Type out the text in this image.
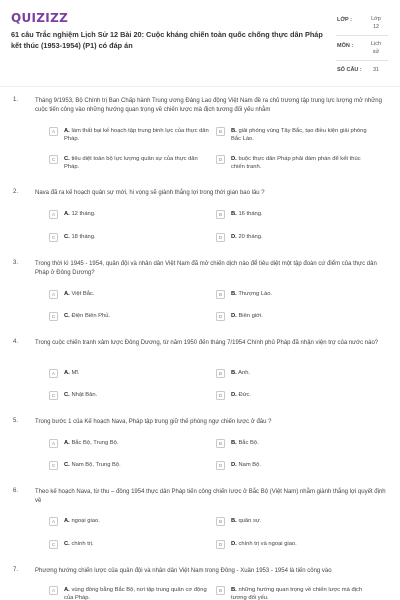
QUIZIZZ
61 câu Trắc nghiệm Lịch Sử 12 Bài 20: Cuộc kháng chiến toàn quốc chống thực dân Pháp kết thúc (1953-1954) (P1) có đáp án
LỚP :	Lớp
12
MÔN :	Lịch
sử
SỐ CÂU :	31
1.	Tháng 9/1953, Bộ Chính trị Ban Chấp hành Trung ương Đảng Lao động Việt Nam đề ra chủ trương tập trung lực lượng mở những cuộc tiến công vào những hướng quan trọng về chiến lược mà địch tương đối yếu nhằm
A	A. làm thất bại kế hoạch tập trung binh lực của thực dân Pháp.
B	B. giải phóng vùng Tây Bắc, tạo điều kiện giải phóng Bắc Lào.
C	C. tiêu diệt toàn bộ lực lượng quân sự của thực dân Pháp.
D	D. buộc thực dân Pháp phải đàm phán để kết thúc chiến tranh.
2.	Nava đã ra kế hoạch quân sự mới, hi vọng sẽ giành thắng lợi trong thời gian bao lâu ?
A	A. 12 tháng.	B	B. 16 tháng.
C	C. 18 tháng.	D	D. 20 tháng.
3.	Trong thời kì 1945 - 1954, quân đội và nhân dân Việt Nam đã mở chiến dịch nào để tiêu diệt một tập đoàn cứ điểm của thực dân Pháp ở Đông Dương?
A	A. Việt Bắc.	B	B. Thượng Lào.
C	C. Điện Biên Phủ.	D	D. Biên giới.
4.	Trong cuộc chiến tranh xâm lược Đông Dương, từ năm 1950 đến tháng 7/1954 Chính phủ Pháp đã nhận viện trợ của nước nào?
A	A. Mĩ.	B	B. Anh.
C	C. Nhật Bản.	D	D. Đức.
5.	Trong bước 1 của Kế hoạch Nava, Pháp tập trung giữ thế phòng ngự chiến lược ở đâu ?
A	A. Bắc Bộ, Trung Bộ.	B	B. Bắc Bộ.
C	C. Nam Bộ, Trung Bộ.	D	D. Nam Bộ.
6.	Theo kế hoạch Nava, từ thu – đông 1954 thực dân Pháp tiến công chiến lược ở Bắc Bộ (Việt Nam) nhằm giành thắng lợi quyết định về
A	A. ngoại giao.	B	B. quân sự.
C	C. chính trị.	D	D. chính trị và ngoại giao.
7.	Phương hướng chiến lược của quân đội và nhân dân Việt Nam trong Đông - Xuân 1953 - 1954 là tiến công vào
A	A. vùng đồng bằng Bắc Bộ, nơi tập trung quân cơ động của Pháp.
B	B. những hướng quan trọng về chiến lược mà địch tương đối yếu.
